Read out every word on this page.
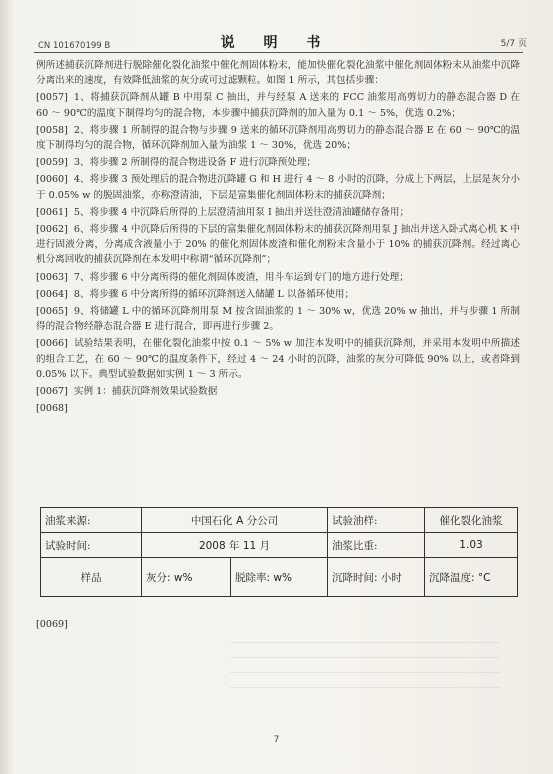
CN 101670199 B	说 明 书	5/7 页

例所述捕获沉降剂进行脱除催化裂化油浆中催化剂固体粉末，能加快催化裂化油浆中催化剂固体粉末从油浆中沉降分离出来的速度，有效降低油浆的灰分或可过滤颗粒。如图 1 所示，其包括步骤：

[0057] 1、将捕获沉降剂从罐 B 中用泵 C 抽出，并与经泵 A 送来的 FCC 油浆用高剪切力的静态混合器 D 在 60 ～ 90℃的温度下制得均匀的混合物，本步骤中捕获沉降剂的加入量为 0.1 ～ 5%，优选 0.2%；

[0058] 2、将步骤 1 所制得的混合物与步骤 9 送来的循环沉降剂用高剪切力的静态混合器 E 在 60 ～ 90℃的温度下制得均匀的混合物，循环沉降剂加入量为油浆 1 ～ 30%，优选 20%；

[0059] 3、将步骤 2 所制得的混合物进设备 F 进行沉降预处理；

[0060] 4、将步骤 3 预处理后的混合物进沉降罐 G 和 H 进行 4 ～ 8 小时的沉降，分成上下两层，上层是灰分小于 0.05% w 的脱固油浆，亦称澄清油，下层是富集催化剂固体粉末的捕获沉降剂；

[0061] 5、将步骤 4 中沉降后所得的上层澄清油用泵 I 抽出并送往澄清油罐储存备用；

[0062] 6、将步骤 4 中沉降后所得的下层的富集催化剂固体粉末的捕获沉降剂用泵 J 抽出并送入卧式离心机 K 中进行固液分离，分离成含液量小于 20% 的催化剂固体废渣和催化剂粉末含量小于 10% 的捕获沉降剂。经过离心机分离回收的捕获沉降剂在本发明中称谓“循环沉降剂”；

[0063] 7、将步骤 6 中分离所得的催化剂固体废渣，用斗车运到专门的地方进行处理；

[0064] 8、将步骤 6 中分离所得的循环沉降剂送入储罐 L 以备循环使用；

[0065] 9、将储罐 L 中的循环沉降剂用泵 M 按含固油浆的 1 ～ 30% w，优选 20% w 抽出，并与步骤 1 所制得的混合物经静态混合器 E 进行混合，即再进行步骤 2。

[0066] 试验结果表明，在催化裂化油浆中按 0.1 ～ 5% w 加注本发明中的捕获沉降剂，并采用本发明中所描述的组合工艺，在 60 ～ 90℃的温度条件下，经过 4 ～ 24 小时的沉降，油浆的灰分可降低 90% 以上，或者降到 0.05% 以下。典型试验数据如实例 1 ～ 3 所示。

[0067] 实例 1：捕获沉降剂效果试验数据

[0068]

油浆来源:	中国石化 A 分公司		试验油样:	催化裂化油浆
试验时间:	2008 年 11 月		油浆比重:	1.03
样品	灰分: w%	脱除率: w%	沉降时间: 小时	沉降温度: °C
[0069]
7
